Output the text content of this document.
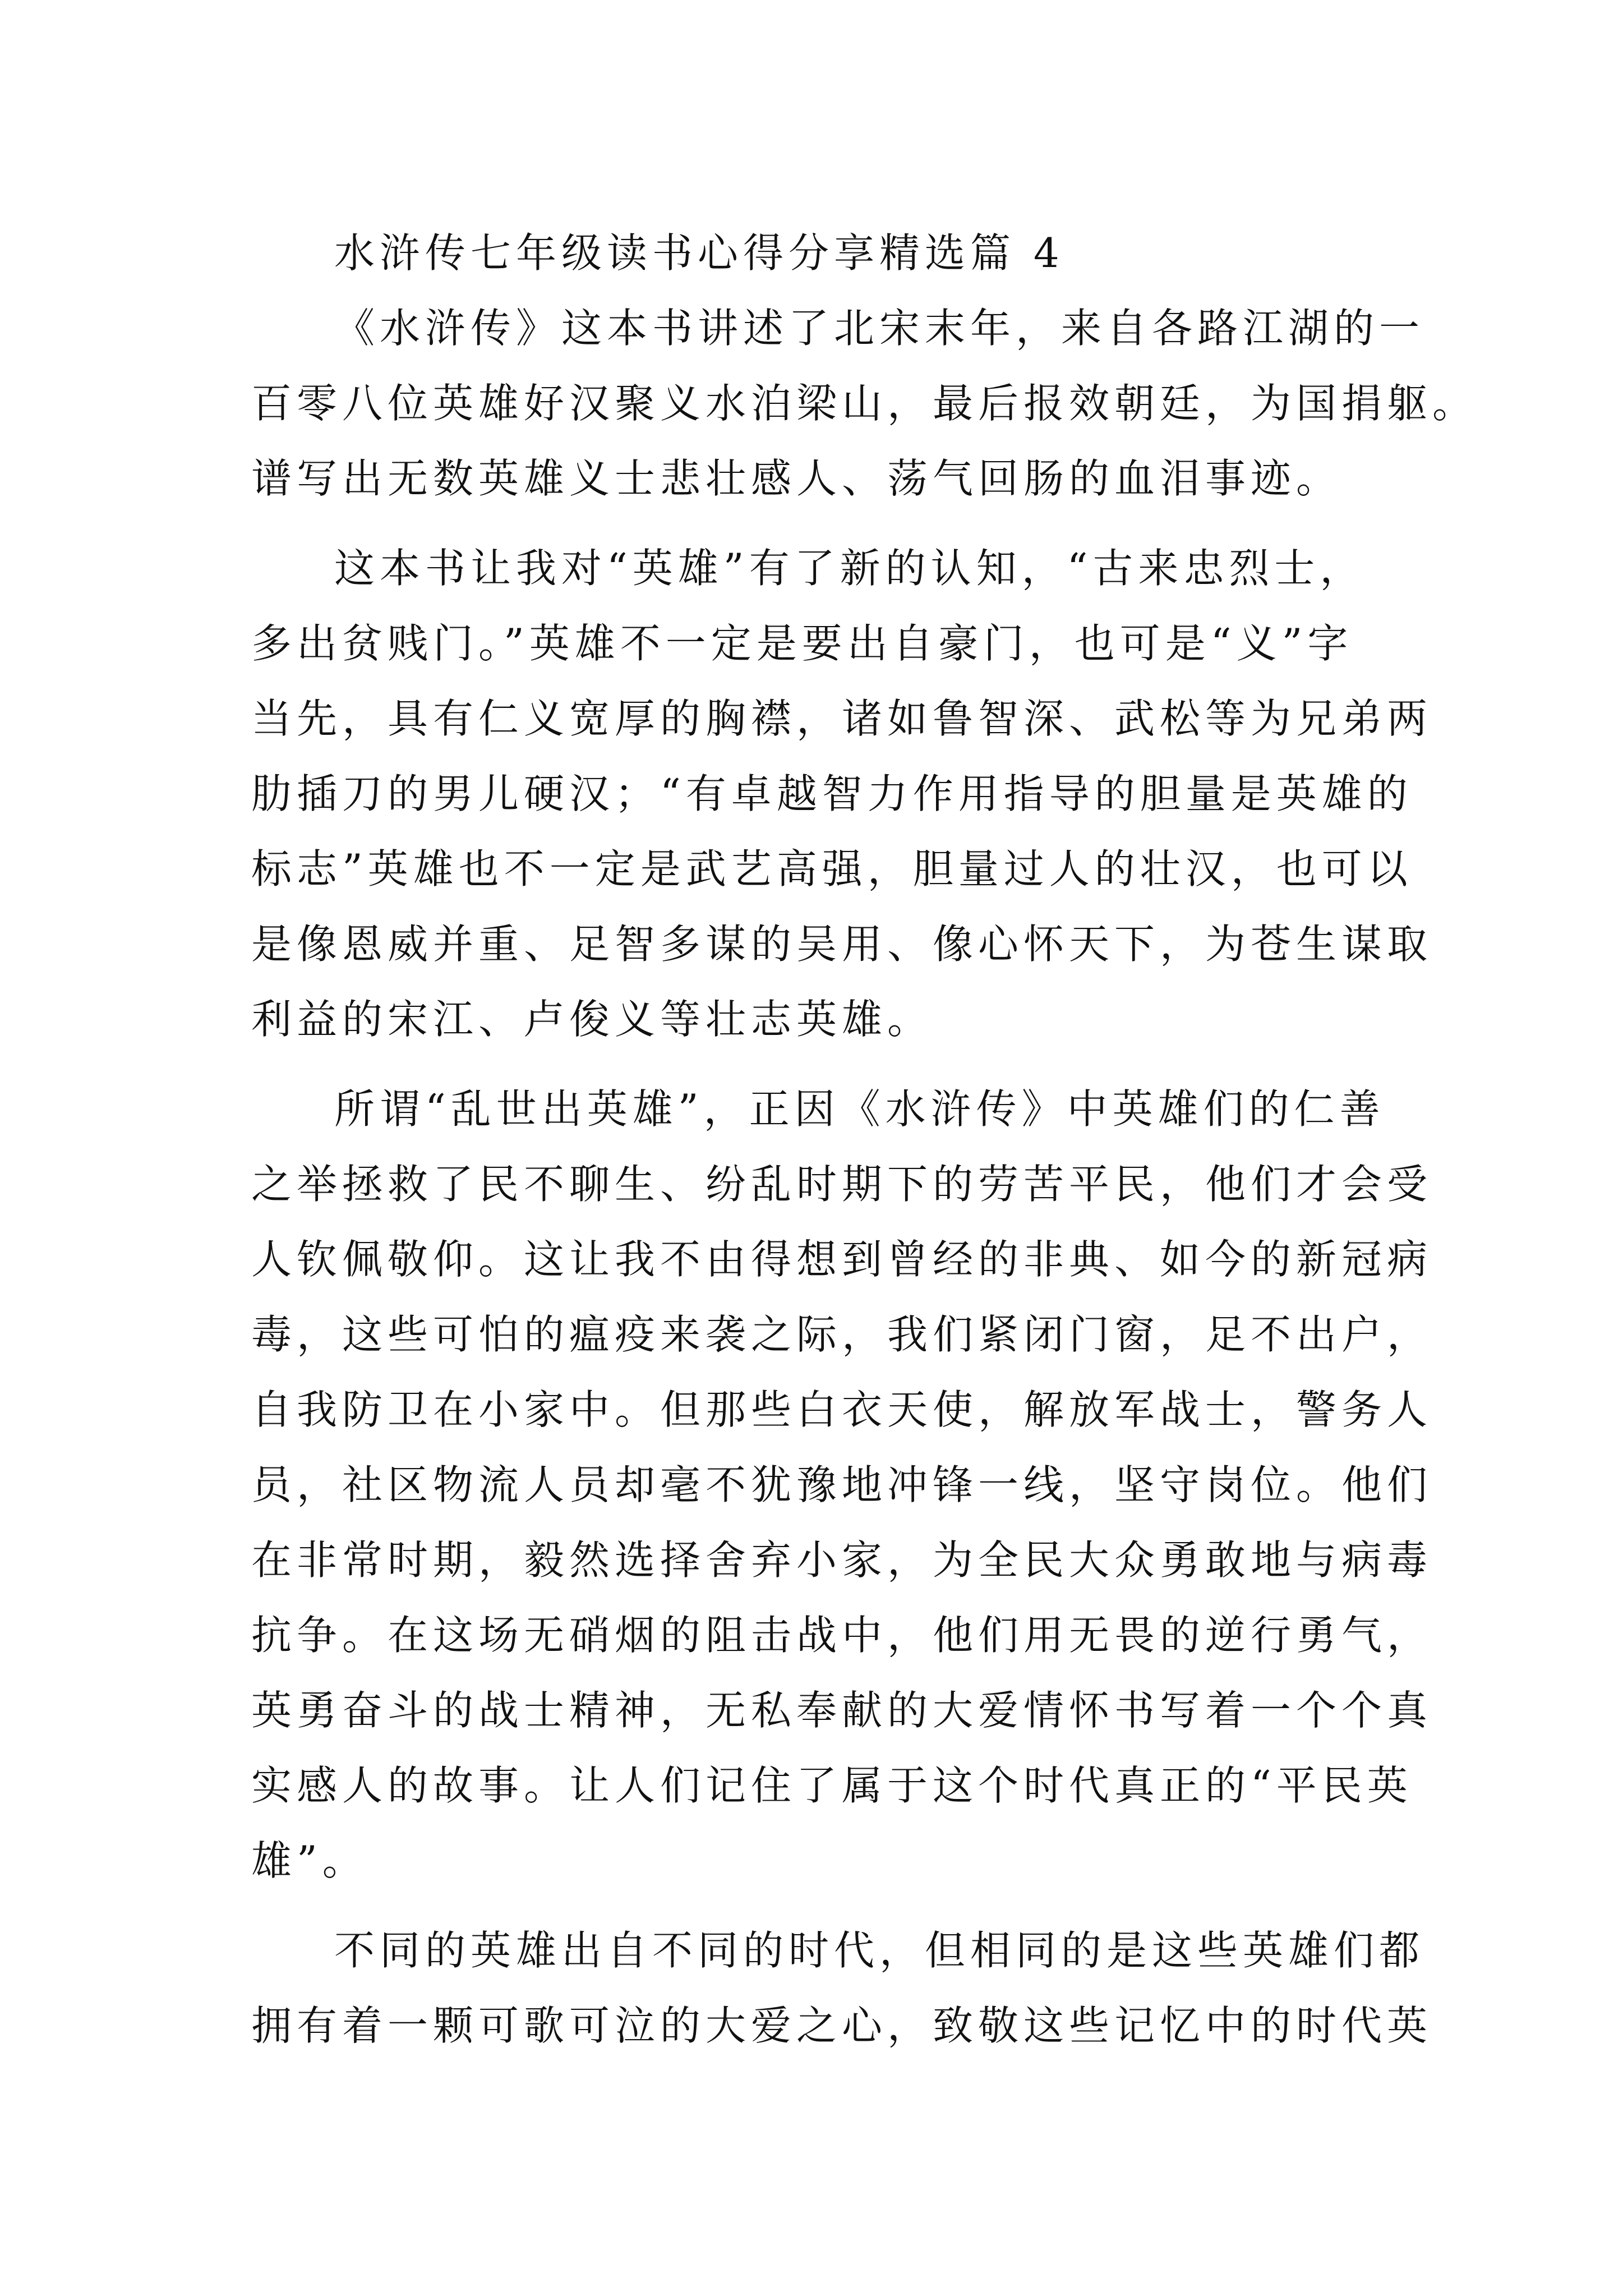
水浒传七年级读书心得分享精选篇 4
《水浒传》这本书讲述了北宋末年，来自各路江湖的一
百零八位英雄好汉聚义水泊梁山，最后报效朝廷，为国捐躯。
谱写出无数英雄义士悲壮感人、荡气回肠的血泪事迹。
这本书让我对“英雄”有了新的认知，“古来忠烈士，
多出贫贱门。”英雄不一定是要出自豪门，也可是“义”字
当先，具有仁义宽厚的胸襟，诸如鲁智深、武松等为兄弟两
肋插刀的男儿硬汉；“有卓越智力作用指导的胆量是英雄的
标志”英雄也不一定是武艺高强，胆量过人的壮汉，也可以
是像恩威并重、足智多谋的吴用、像心怀天下，为苍生谋取
利益的宋江、卢俊义等壮志英雄。
所谓“乱世出英雄”，正因《水浒传》中英雄们的仁善
之举拯救了民不聊生、纷乱时期下的劳苦平民，他们才会受
人钦佩敬仰。这让我不由得想到曾经的非典、如今的新冠病
毒，这些可怕的瘟疫来袭之际，我们紧闭门窗，足不出户，
自我防卫在小家中。但那些白衣天使，解放军战士，警务人
员，社区物流人员却毫不犹豫地冲锋一线，坚守岗位。他们
在非常时期，毅然选择舍弃小家，为全民大众勇敢地与病毒
抗争。在这场无硝烟的阻击战中，他们用无畏的逆行勇气，
英勇奋斗的战士精神，无私奉献的大爱情怀书写着一个个真
实感人的故事。让人们记住了属于这个时代真正的“平民英
雄”。
不同的英雄出自不同的时代，但相同的是这些英雄们都
拥有着一颗可歌可泣的大爱之心，致敬这些记忆中的时代英
